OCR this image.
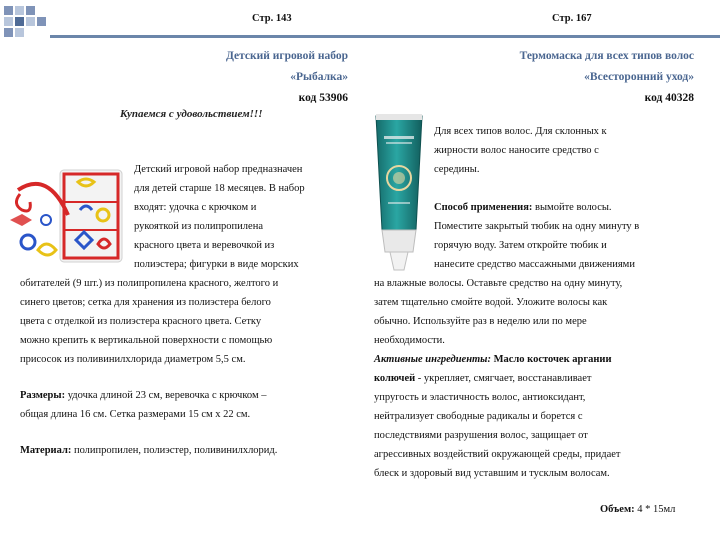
Стр. 143	Стр. 167
Детский игровой набор
«Рыбалка»
код 53906
Купаемся с удовольствием!!!
Детский игровой набор предназначен
для детей старше 18 месяцев. В набор
входят: удочка с крючком и
рукояткой из полипропилена
красного цвета и веревочкой из
полиэстера; фигурки в виде морских
обитателей (9 шт.) из полипропилена красного, желтого и
синего цветов; сетка для хранения из полиэстера белого
цвета с отделкой из полиэстера красного цвета. Сетку
можно крепить к вертикальной поверхности с помощью
присосок из поливинилхлорида диаметром 5,5 см.
Размеры: удочка длиной 23 см, веревочка с крючком –
общая длина 16 см. Сетка размерами 15 см х 22 см.
Материал: полипропилен, полиэстер, поливинилхлорид.
Термомаска для всех типов волос
«Всесторонний уход»
код 40328
Для всех типов волос. Для склонных к
жирности волос наносите средство с
середины.
Способ применения: вымойте волосы.
Поместите закрытый тюбик на одну минуту в
горячую воду. Затем откройте тюбик и
нанесите средство массажными движениями
на влажные волосы. Оставьте средство на одну минуту,
затем тщательно смойте водой. Уложите волосы как
обычно. Используйте раз в неделю или по мере
необходимости.
Активные ингредиенты: Масло косточек аргании
колючей - укрепляет, смягчает, восстанавливает
упругость и эластичность волос, антиоксидант,
нейтрализует свободные радикалы и борется с
последствиями разрушения волос, защищает от
агрессивных воздействий окружающей среды, придает
блеск и здоровый вид уставшим и тусклым волосам.
Объем: 4 * 15мл
